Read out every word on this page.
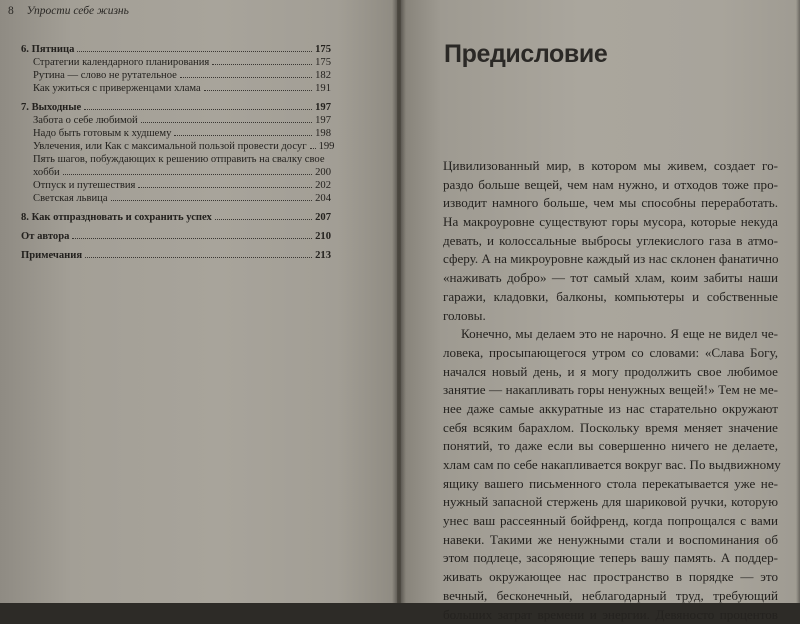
8 Упрости себе жизнь
6. Пятница	175
Стратегии календарного планирования	175
Рутина — слово не рутательное	182
Как ужиться с приверженцами хлама	191
7. Выходные	197
Забота о себе любимой	197
Надо быть готовым к худшему	198
Увлечения, или Как с максимальной пользой провести досуг 199
Пять шагов, побуждающих к решению отправить на свалку свое
хобби	200
Отпуск и путешествия	202
Светская львица	204
8. Как отпраздновать и сохранить успех	207
От автора	210
Примечания	213
Предисловие
Цивилизованный мир, в котором мы живем, создает го-
раздо больше вещей, чем нам нужно, и отходов тоже про-
изводит намного больше, чем мы способны переработать.
На макроуровне существуют горы мусора, которые некуда
девать, и колоссальные выбросы углекислого газа в атмо-
сферу. А на микроуровне каждый из нас склонен фанатично
«наживать добро» — тот самый хлам, коим забиты наши
гаражи, кладовки, балконы, компьютеры и собственные
головы.
Конечно, мы делаем это не нарочно. Я еще не видел че-
ловека, просыпающегося утром со словами: «Слава Богу,
начался новый день, и я могу продолжить свое любимое
занятие — накапливать горы ненужных вещей!» Тем не ме-
нее даже самые аккуратные из нас старательно окружают
себя всяким барахлом. Поскольку время меняет значение
понятий, то даже если вы совершенно ничего не делаете,
хлам сам по себе накапливается вокруг вас. По выдвижному
ящику вашего письменного стола перекатывается уже не-
нужный запасной стержень для шариковой ручки, которую
унес ваш рассеянный бойфренд, когда попрощался с вами
навеки. Такими же ненужными стали и воспоминания об
этом подлеце, засоряющие теперь вашу память. А поддер-
живать окружающее нас пространство в порядке — это
вечный, бесконечный, неблагодарный труд, требующий
больших затрат времени и энергии. Девяносто процентов
